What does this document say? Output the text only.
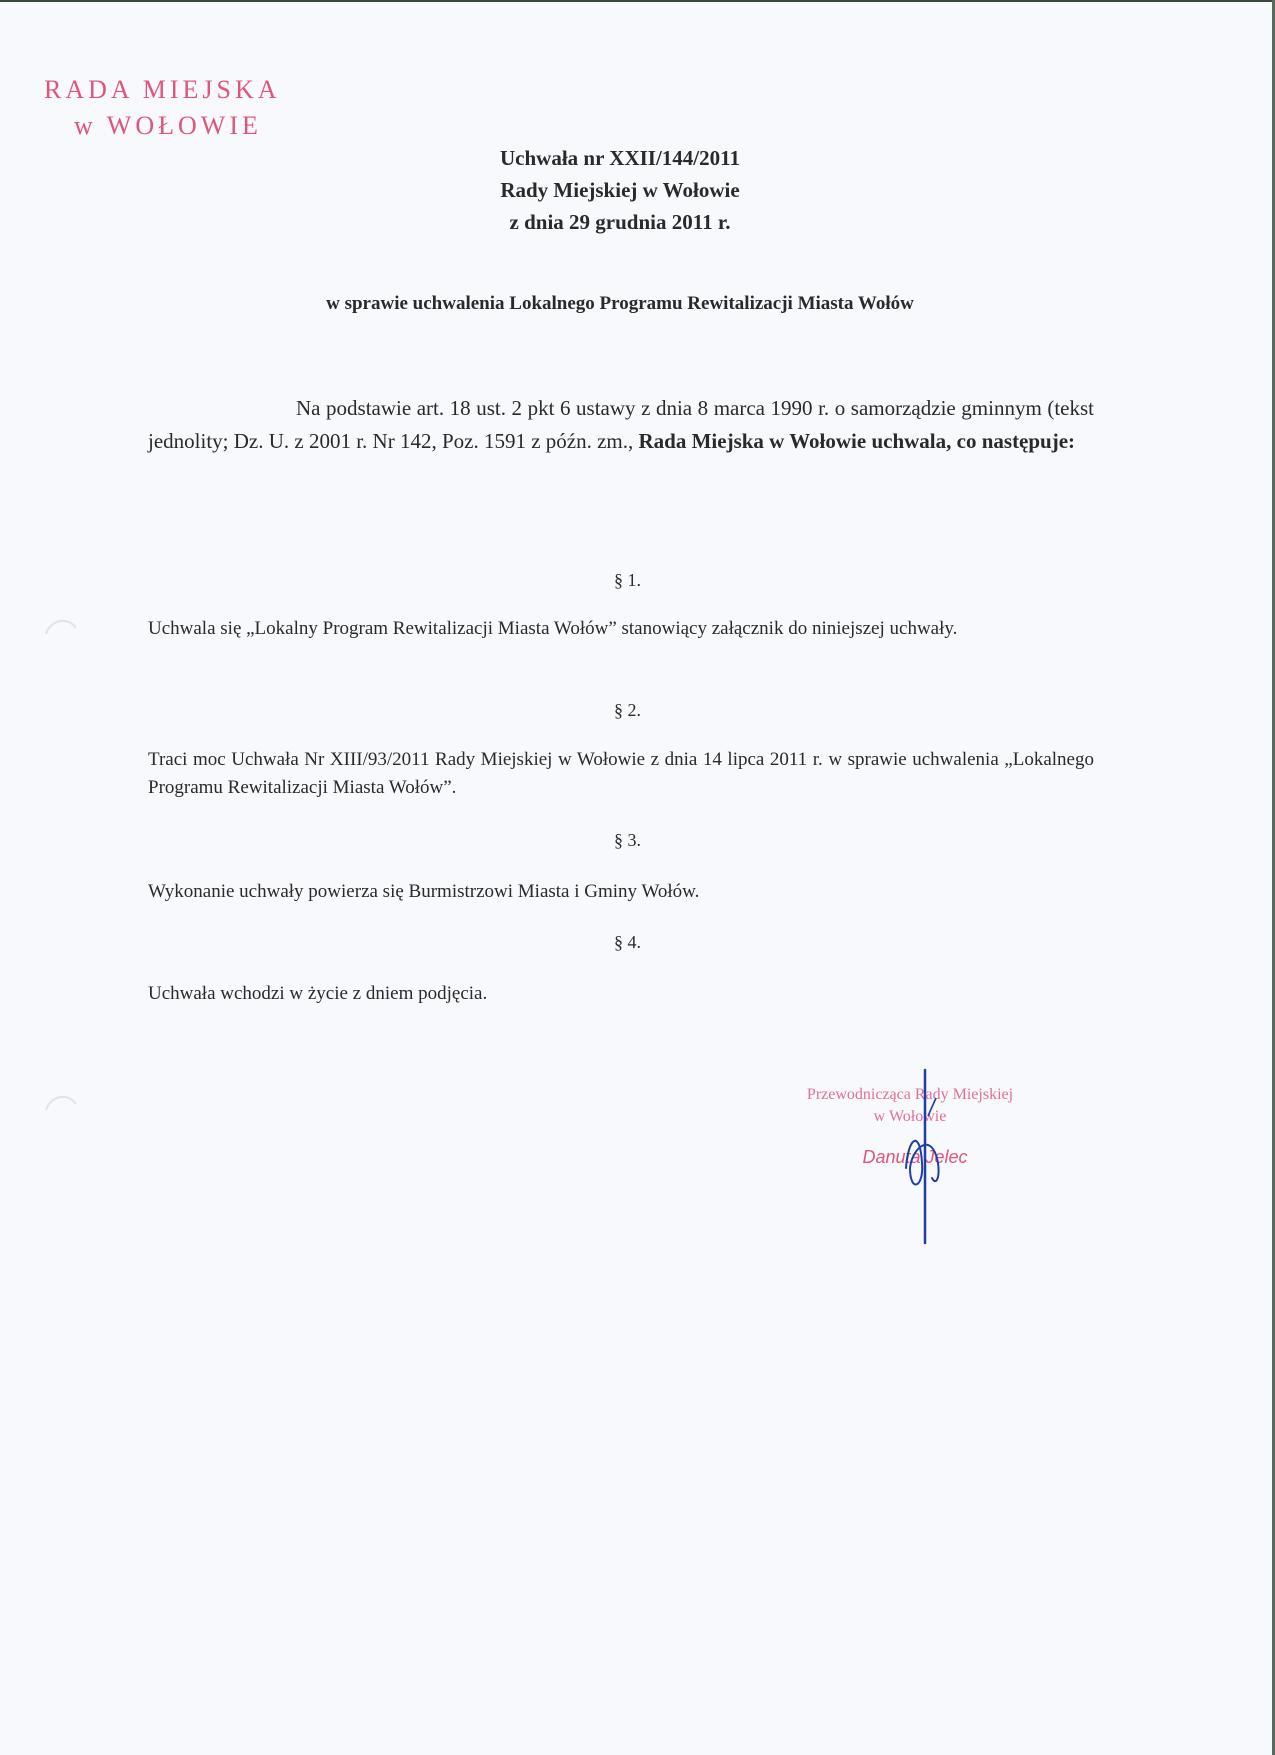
RADA MIEJSKA
w WOŁOWIE
Uchwała nr XXII/144/2011
Rady Miejskiej w Wołowie
z dnia 29 grudnia 2011 r.
w sprawie uchwalenia Lokalnego Programu Rewitalizacji Miasta Wołów
Na podstawie art. 18 ust. 2 pkt 6 ustawy z dnia 8 marca 1990 r. o samorządzie gminnym (tekst jednolity; Dz. U. z 2001 r. Nr 142, Poz. 1591 z późn. zm., Rada Miejska w Wołowie uchwala, co następuje:
§ 1.
Uchwala się „Lokalny Program Rewitalizacji Miasta Wołów” stanowiący załącznik do niniejszej uchwały.
§ 2.
Traci moc Uchwała Nr XIII/93/2011 Rady Miejskiej w Wołowie z dnia 14 lipca 2011 r. w sprawie uchwalenia „Lokalnego Programu Rewitalizacji Miasta Wołów”.
§ 3.
Wykonanie uchwały powierza się Burmistrzowi Miasta i Gminy Wołów.
§ 4.
Uchwała wchodzi w życie z dniem podjęcia.
Przewodnicząca Rady Miejskiej
w Wołowie
Danuta Jelec
